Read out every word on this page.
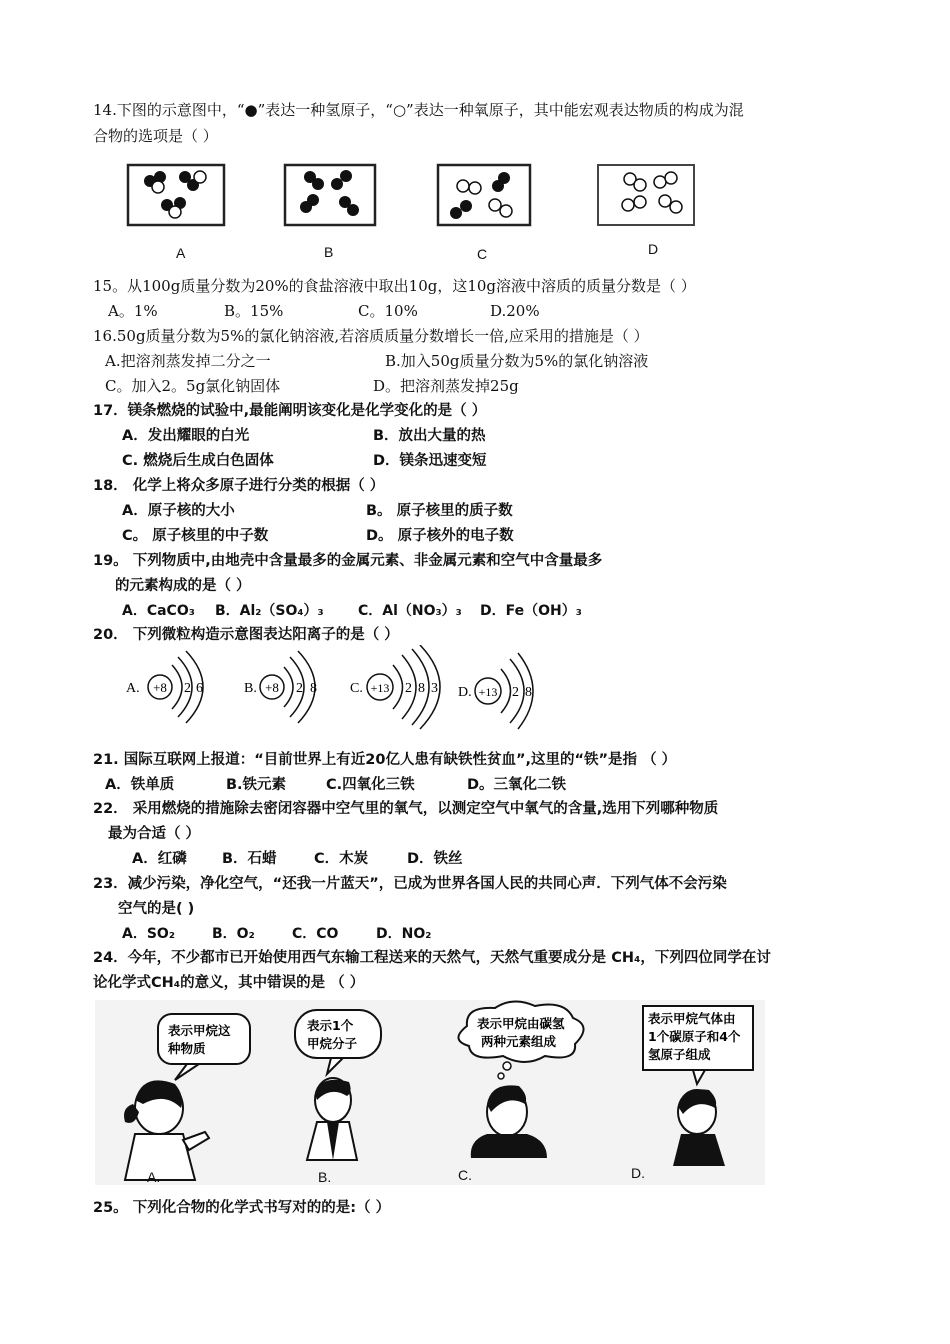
14.下图的示意图中，“●”表达一种氢原子，“○”表达一种氧原子，其中能宏观表达物质的构成为混
合物的选项是（ ）
A	B	C	D
15。从100g质量分数为20%的食盐溶液中取出10g，这10g溶液中溶质的质量分数是（ ）
A。1%	B。15%	C。10%	D.20%
16.50g质量分数为5%的氯化钠溶液,若溶质质量分数增长一倍,应采用的措施是（ ）
A.把溶剂蒸发掉二分之一	B.加入50g质量分数为5%的氯化钠溶液
C。加入2。5g氯化钠固体	D。把溶剂蒸发掉25g
17．镁条燃烧的试验中,最能阐明该变化是化学变化的是（ ）
A．发出耀眼的白光	B．放出大量的热
C. 燃烧后生成白色固体	D．镁条迅速变短
18． 化学上将众多原子进行分类的根据（ ）
A．原子核的大小	B。 原子核里的质子数
C。 原子核里的中子数	D。 原子核外的电子数
19。 下列物质中,由地壳中含量最多的金属元素、非金属元素和空气中含量最多
的元素构成的是（ ）
A．CaCO₃ B．Al₂（SO₄）₃ C．Al（NO₃）₃ D．Fe（OH）₃
20． 下列微粒构造示意图表达阳离子的是（ ）
A. +8 2 6	B. +8 2 8 C. +13 2 8 3 D. +13 2 8
21. 国际互联网上报道：“目前世界上有近20亿人患有缺铁性贫血”,这里的“铁”是指 （ ）
A．铁单质	B.铁元素	C.四氧化三铁	D。三氧化二铁
22． 采用燃烧的措施除去密闭容器中空气里的氧气，以测定空气中氧气的含量,选用下列哪种物质
最为合适（ ）
A．红磷 B．石蜡	C．木炭	D．铁丝
23．减少污染，净化空气，“还我一片蓝天”，已成为世界各国人民的共同心声．下列气体不会污染
空气的是( )
A．SO₂	B．O₂	C．CO	D．NO₂
24．今年，不少都市已开始使用西气东输工程送来的天然气，天然气重要成分是 CH₄，下列四位同学在讨
论化学式CH₄的意义，其中错误的是 （ ）
表示甲烷这
种物质
表示1个
甲烷分子
表示甲烷由碳氢
两种元素组成
表示甲烷气体由
1个碳原子和4个
氢原子组成
A.	B.	C.	D.
25。 下列化合物的化学式书写对的的是:（ ）
